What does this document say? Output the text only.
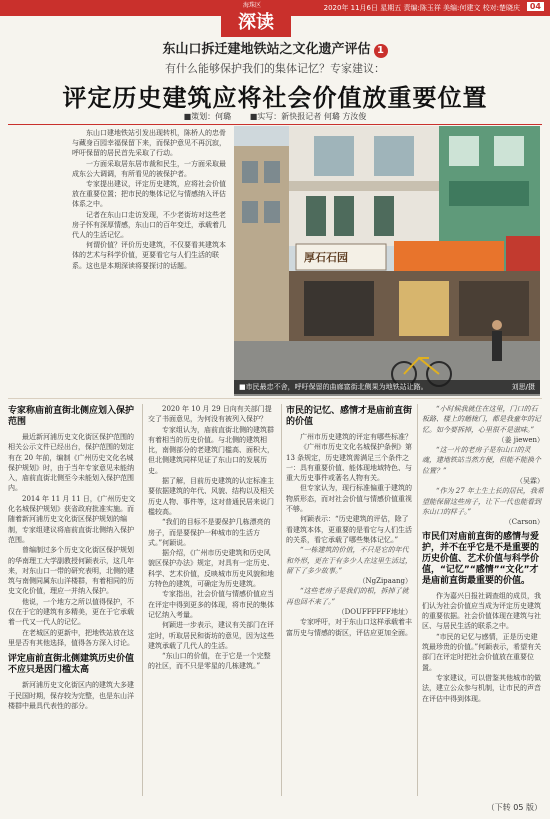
深读
海珠区	2020年 11月6日 星期五 责编:陈玉祥 美编:何建文 校对:楚晓庆	04
东山口拆迁建地铁站之文化遗产评估 1
有什么能够保护我们的集体记忆？专家建议：
评定历史建筑应将社会价值放重要位置
■策划：何璐 ■实写：新快报记者 何璐 方汝俊

东山口建地铁站引发出现转机，陈桥人的忠骨与藏身百园幸福保留下来，而保护意见不再沉寂，呼吁保留的居民首先采取了行动。

一方面采取居东居市裁和民生，一方面采取最成东公大调调，有所看见的被保护者。

专家提出建议，评定历史建筑，应将社会价值放在重要位置；把市民的集体记忆与情感纳入评估体系之中。

记者在东山口走访发现，不少老街坊对这些老房子怀有深厚情感，东山口的百年变迁，承载着几代人的生活记忆。

何谓价值？评价历史建筑，不仅要看其建筑本体的艺术与科学价值，更要看它与人们生活的联系。这也是本期深读将要探讨的话题。

厚石石园
■市民最忠不舍，呼吁保留的曲廊富街北侧果为地铁站让路。	刘思/摄
专家称庙前直街北侧应划入保护范围

最近新河浦历史文化街区保护范围的相关公示文件已经出台，保护范围的划定有在 20 年前，编制《广州历史文化名城保护规划》时，由于当年专家意见未能纳入，庙前直街北侧至今未能划入保护范围内。

2014 年 11 月 11 日，《广州历史文化名城保护规划》获省政府批准实施。而随着新河浦历史文化街区保护规划的编制，专家组建议将庙前直街北侧纳入保护范围。

曾编制过多个历史文化街区保护规划的华南理工大学副教授何颖表示，这几年来，对东山口一带的研究表明，北侧的建筑与南侧同属东山洋楼群，有着相同的历史文化价值，理应一并纳入保护。

他说，一个地方之所以值得保护，不仅在于它的建筑有多精美，更在于它承载着一代又一代人的记忆。

在老城区的更新中，把地铁站放在这里是否有其他选择，值得各方深入讨论。

评定庙前直街北侧建筑历史价值不应只是因门槛太高

新河浦历史文化街区内的建筑大多建于民国时期，保存较为完整，也是东山洋楼群中最具代表性的部分。

2020 年 10 月 29 日向有关部门提交了书面意见，为何没有被列入保护？

专家组认为，庙前直街北侧的建筑群有着相当的历史价值。与北侧的建筑相比，南侧部分的老建筑门槛高、面积大，但北侧建筑同样见证了东山口的发展历史。

据了解，目前历史建筑的认定标准主要依据建筑的年代、风貌、结构以及相关历史人物、事件等，这对普通民居来说门槛较高。

“我们的目标不是要保护几栋漂亮的房子，而是要保护一种城市的生活方式。”何颖说。

据介绍，《广州市历史建筑和历史风貌区保护办法》规定，对具有一定历史、科学、艺术价值，反映城市历史风貌和地方特色的建筑，可确定为历史建筑。

专家指出，社会价值与情感价值应当在评定中得到更多的体现，将市民的集体记忆纳入考量。

何颖进一步表示，建议有关部门在评定时，听取居民和街坊的意见，因为这些建筑承载了几代人的生活。

“东山口的价值，在于它是一个完整的社区，而不只是零星的几栋建筑。”

市民的记忆、感情才是庙前直街的价值

广州市历史建筑的评定有哪些标准？

《广州市历史文化名城保护条例》第 13 条规定，历史建筑需满足三个条件之一：具有重要价值、能体现地域特色、与重大历史事件或著名人物有关。

但专家认为，现行标准偏重于建筑的物质形态，而对社会价值与情感价值重视不够。

何颖表示：“历史建筑的评估，除了看建筑本体，更重要的是看它与人们生活的关系，看它承载了哪些集体记忆。”

“一栋建筑的价值，不只是它的年代和外形，更在于有多少人在这里生活过，留下了多少故事。”

（NgZipaang）

“这些老房子是我们的根，拆掉了就再也回不来了。”

（DOUFFFFFF地址）

专家呼吁，对于东山口这样承载着丰富历史与情感的街区，评估应更加全面。

“小时候我就住在这里，门口的石板路、楼上的趟栊门，都是我童年的记忆。如今要拆掉，心里很不是滋味。”

（姜 jiewen）

“这一片的老房子是东山口的灵魂，建地铁站当然方便，但能不能换个位置？”

（吴霖）

“作为 27 年土生土长的居民，我希望能保留这些房子，让下一代也能看到东山口的样子。”

（Carson）

市民们对庙前直街的感情与爱护，并不在乎它是不是重要的历史价值、艺术价值与科学价值，“记忆”“感情”“文化”才是庙前直街最重要的价值。

作为嘉兴日报社调查组的成员，我们认为社会价值应当成为评定历史建筑的重要依据。社会价值体现在建筑与社区、与居民生活的联系之中。

“市民的记忆与感情，正是历史建筑最珍贵的价值。”何颖表示，希望有关部门在评定时把社会价值放在重要位置。

专家建议，可以借鉴其他城市的做法，建立公众参与机制，让市民的声音在评估中得到体现。

（下转 05 版）
